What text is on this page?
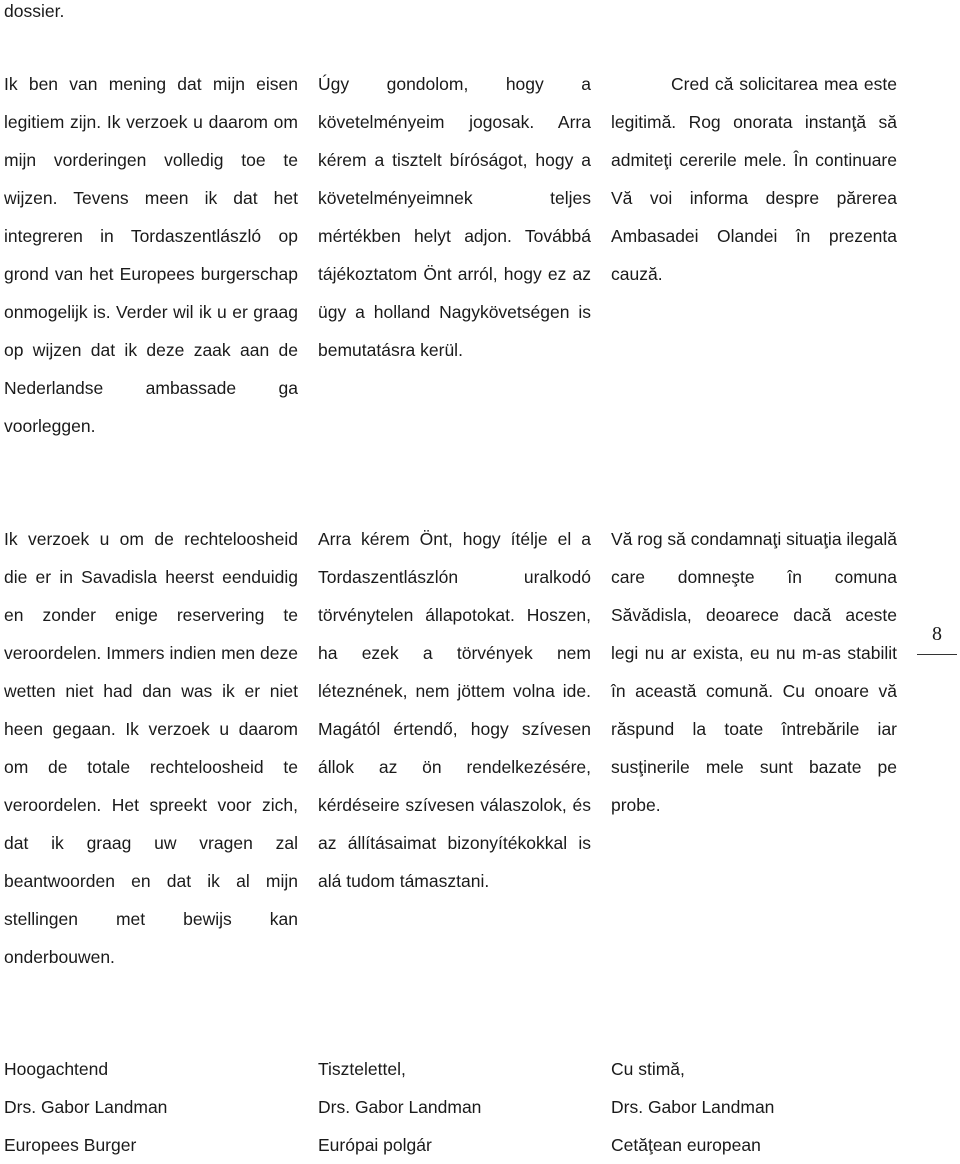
dossier.

Ik ben van mening dat mijn eisen legitiem zijn. Ik verzoek u daarom om mijn vorderingen volledig toe te wijzen. Tevens meen ik dat het integreren in Tordaszentlászló op grond van het Europees burgerschap onmogelijk is. Verder wil ik u er graag op wijzen dat ik deze zaak aan de Nederlandse ambassade ga voorleggen.

Úgy gondolom, hogy a követelményeim jogosak. Arra kérem a tisztelt bíróságot, hogy a követelményeimnek teljes mértékben helyt adjon. Továbbá tájékoztatom Önt arról, hogy ez az ügy a holland Nagykövetségen is bemutatásra kerül.

Cred că solicitarea mea este legitimă. Rog onorata instanţă să admiteţi cererile mele. În continuare Vă voi informa despre părerea Ambasadei Olandei în prezenta cauză.

Ik verzoek u om de rechteloosheid die er in Savadisla heerst eenduidig en zonder enige reservering te veroordelen. Immers indien men deze wetten niet had dan was ik er niet heen gegaan. Ik verzoek u daarom om de totale rechteloosheid te veroordelen. Het spreekt voor zich, dat ik graag uw vragen zal beantwoorden en dat ik al mijn stellingen met bewijs kan onderbouwen.

Arra kérem Önt, hogy ítélje el a Tordaszentlászlón uralkodó törvénytelen állapotokat. Hoszen, ha ezek a törvények nem léteznének, nem jöttem volna ide. Magától értendő, hogy szívesen állok az ön rendelkezésére, kérdéseire szívesen válaszolok, és az állításaimat bizonyítékokkal is alá tudom támasztani.

Vă rog să condamnaţi situaţia ilegală care domneşte în comuna Săvădisla, deoarece dacă aceste legi nu ar exista, eu nu m-as stabilit în această comună. Cu onoare vă răspund la toate întrebările iar susţinerile mele sunt bazate pe probe.

8
Hoogachtend
Drs. Gabor Landman
Europees Burger
Tisztelettel,
Drs. Gabor Landman
Európai polgár
Cu stimă,
Drs. Gabor Landman
Cetăţean european
